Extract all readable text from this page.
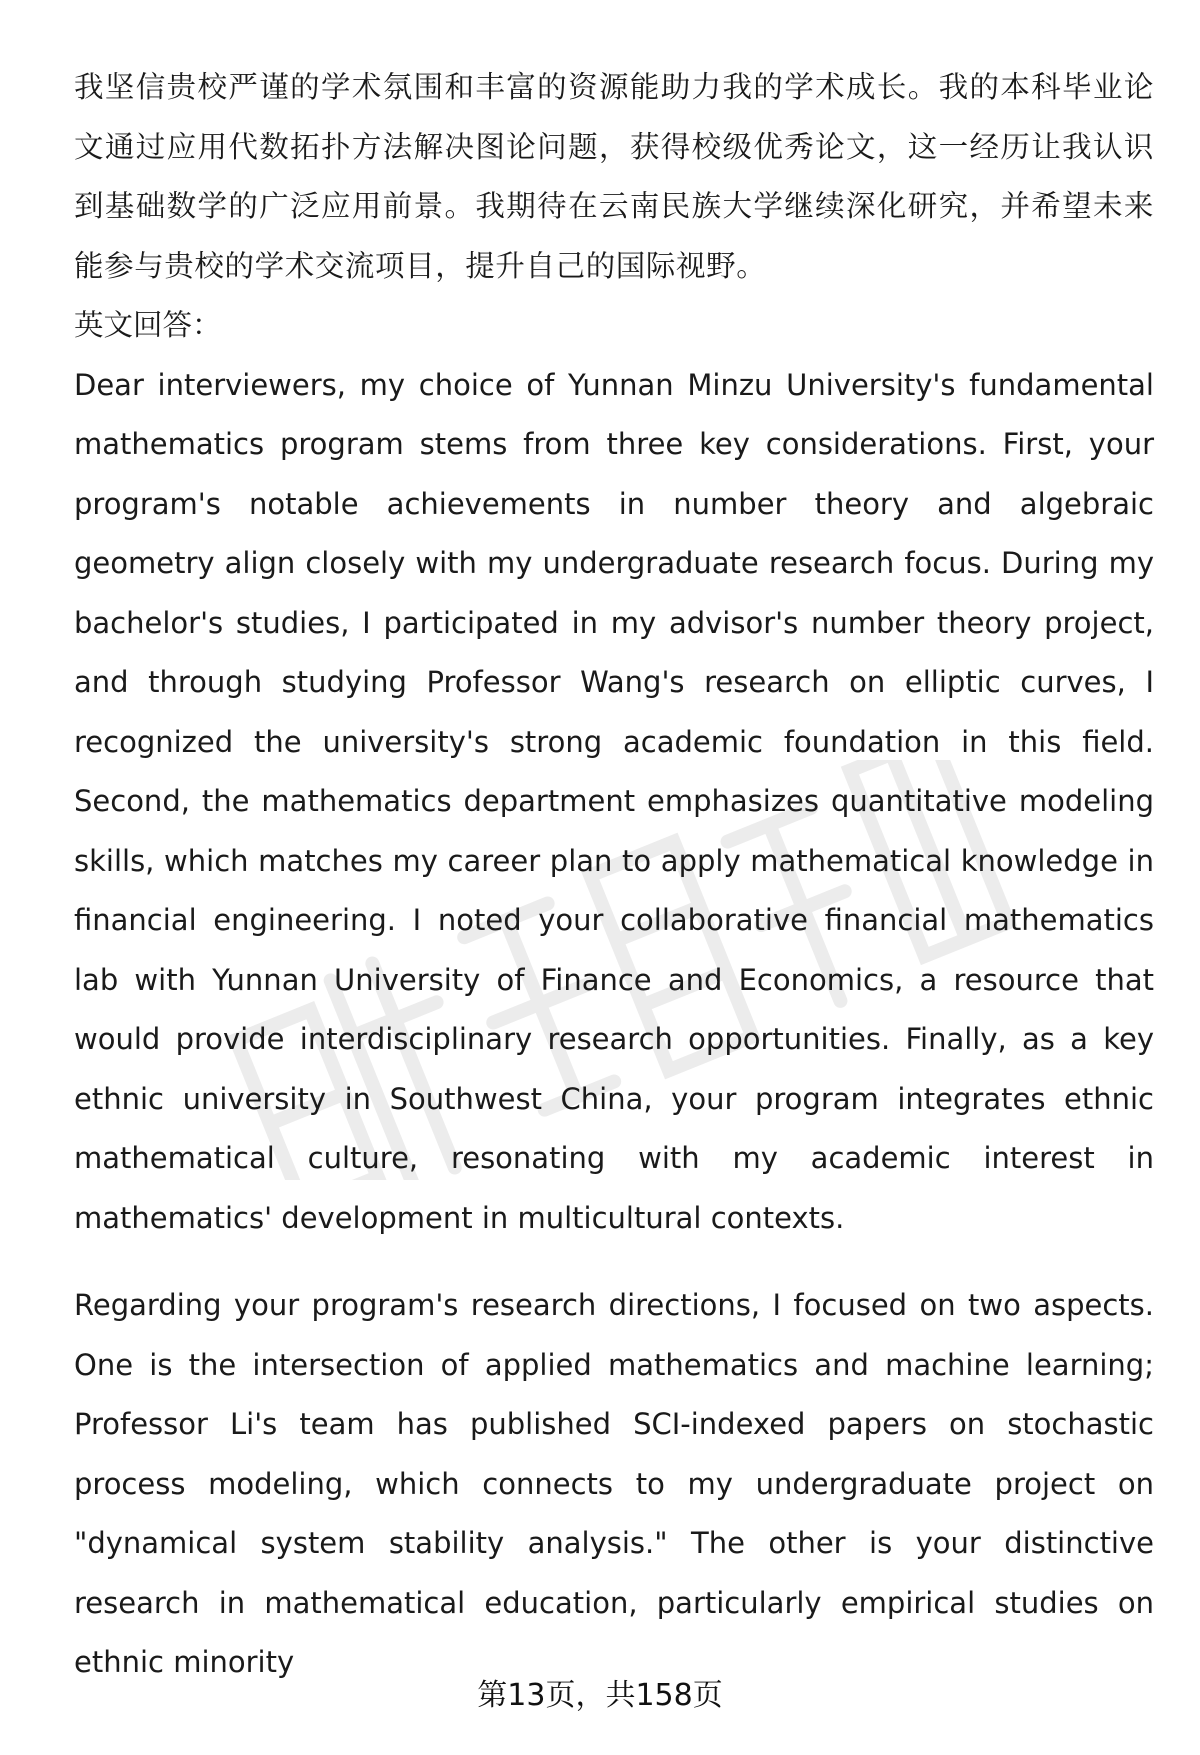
我坚信贵校严谨的学术氛围和丰富的资源能助力我的学术成长。我的本科毕业论文通过应用代数拓扑方法解决图论问题，获得校级优秀论文，这一经历让我认识到基础数学的广泛应用前景。我期待在云南民族大学继续深化研究，并希望未来能参与贵校的学术交流项目，提升自己的国际视野。

英文回答：

Dear interviewers, my choice of Yunnan Minzu University's fundamental mathematics program stems from three key considerations. First, your program's notable achievements in number theory and algebraic geometry align closely with my undergraduate research focus. During my bachelor's studies, I participated in my advisor's number theory project, and through studying Professor Wang's research on elliptic curves, I recognized the university's strong academic foundation in this field. Second, the mathematics department emphasizes quantitative modeling skills, which matches my career plan to apply mathematical knowledge in financial engineering. I noted your collaborative financial mathematics lab with Yunnan University of Finance and Economics, a resource that would provide interdisciplinary research opportunities. Finally, as a key ethnic university in Southwest China, your program integrates ethnic mathematical culture, resonating with my academic interest in mathematics' development in multicultural contexts.

Regarding your program's research directions, I focused on two aspects. One is the intersection of applied mathematics and machine learning; Professor Li's team has published SCI-indexed papers on stochastic process modeling, which connects to my undergraduate project on "dynamical system stability analysis." The other is your distinctive research in mathematical education, particularly empirical studies on ethnic minority

第13页，共158页
